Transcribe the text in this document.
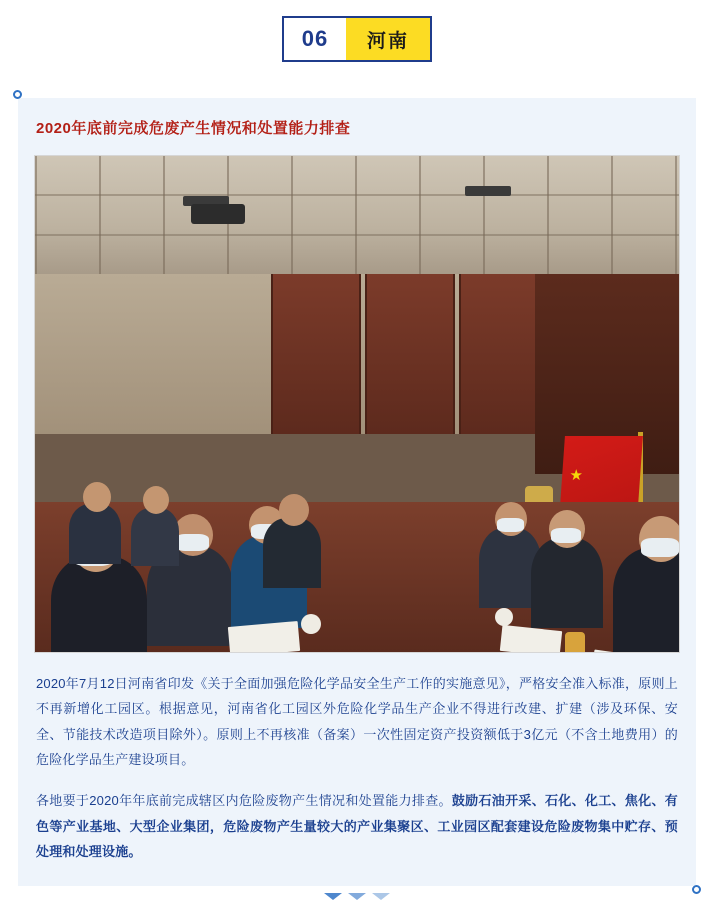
06	河南
2020年底前完成危废产生情况和处置能力排查
★
2020年7月12日河南省印发《关于全面加强危险化学品安全生产工作的实施意见》，严格安全准入标准，原则上不再新增化工园区。根据意见，河南省化工园区外危险化学品生产企业不得进行改建、扩建（涉及环保、安全、节能技术改造项目除外）。原则上不再核准（备案）一次性固定资产投资额低于3亿元（不含土地费用）的危险化学品生产建设项目。
各地要于2020年年底前完成辖区内危险废物产生情况和处置能力排查。鼓励石油开采、石化、化工、焦化、有色等产业基地、大型企业集团，危险废物产生量较大的产业集聚区、工业园区配套建设危险废物集中贮存、预处理和处理设施。
